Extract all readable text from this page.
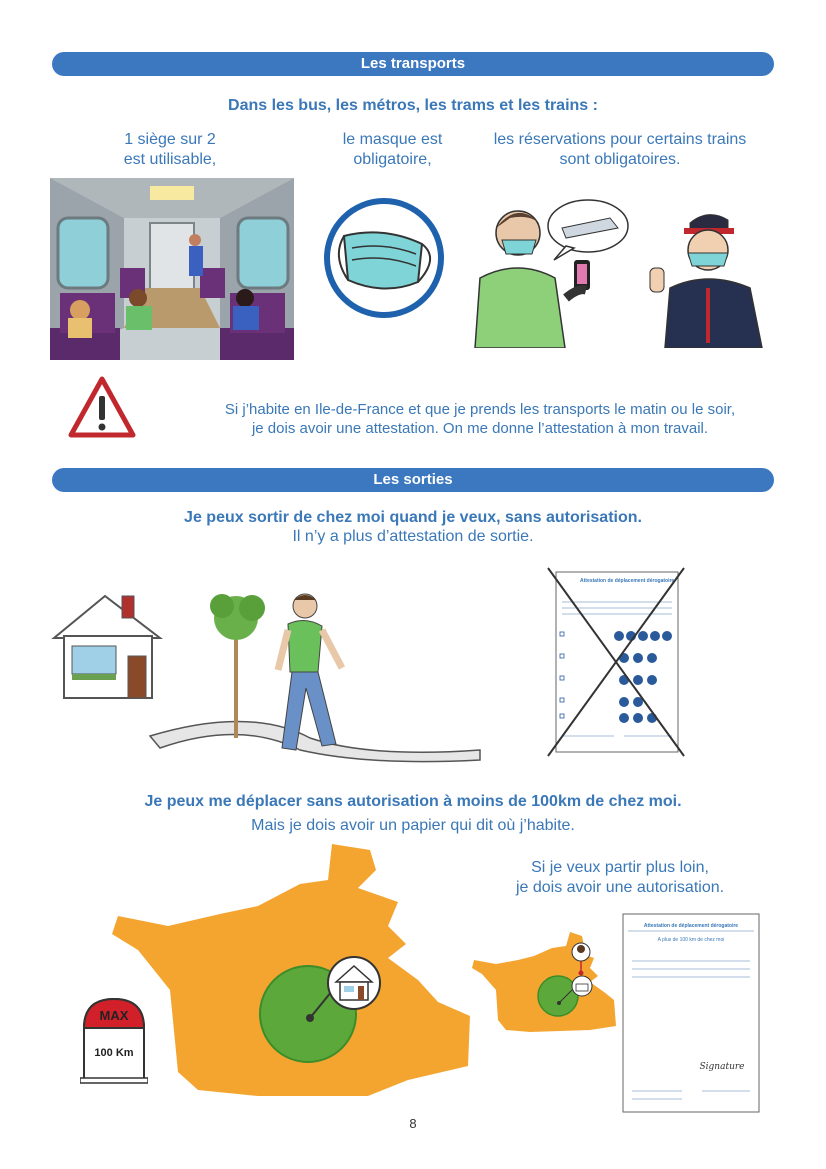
Les transports
Dans les bus, les métros, les trams et les trains :
1 siège sur 2
est utilisable,
le masque est
obligatoire,
les réservations pour certains trains
sont obligatoires.
Si j’habite en Ile-de-France et que je prends les transports le matin ou le soir,
je dois avoir une attestation. On me donne l’attestation à mon travail.
Les sorties
Je peux sortir de chez moi quand je veux, sans autorisation.
Il n’y a plus d’attestation de sortie.
Attestation de déplacement dérogatoire
Je peux me déplacer sans autorisation à moins de 100km de chez moi.
Mais je dois avoir un papier qui dit où j’habite.
Si je veux partir plus loin,
je dois avoir une autorisation.
MAX
100 Km
Attestation de déplacement dérogatoire
A plus de 100 km de chez moi
Signature
8
